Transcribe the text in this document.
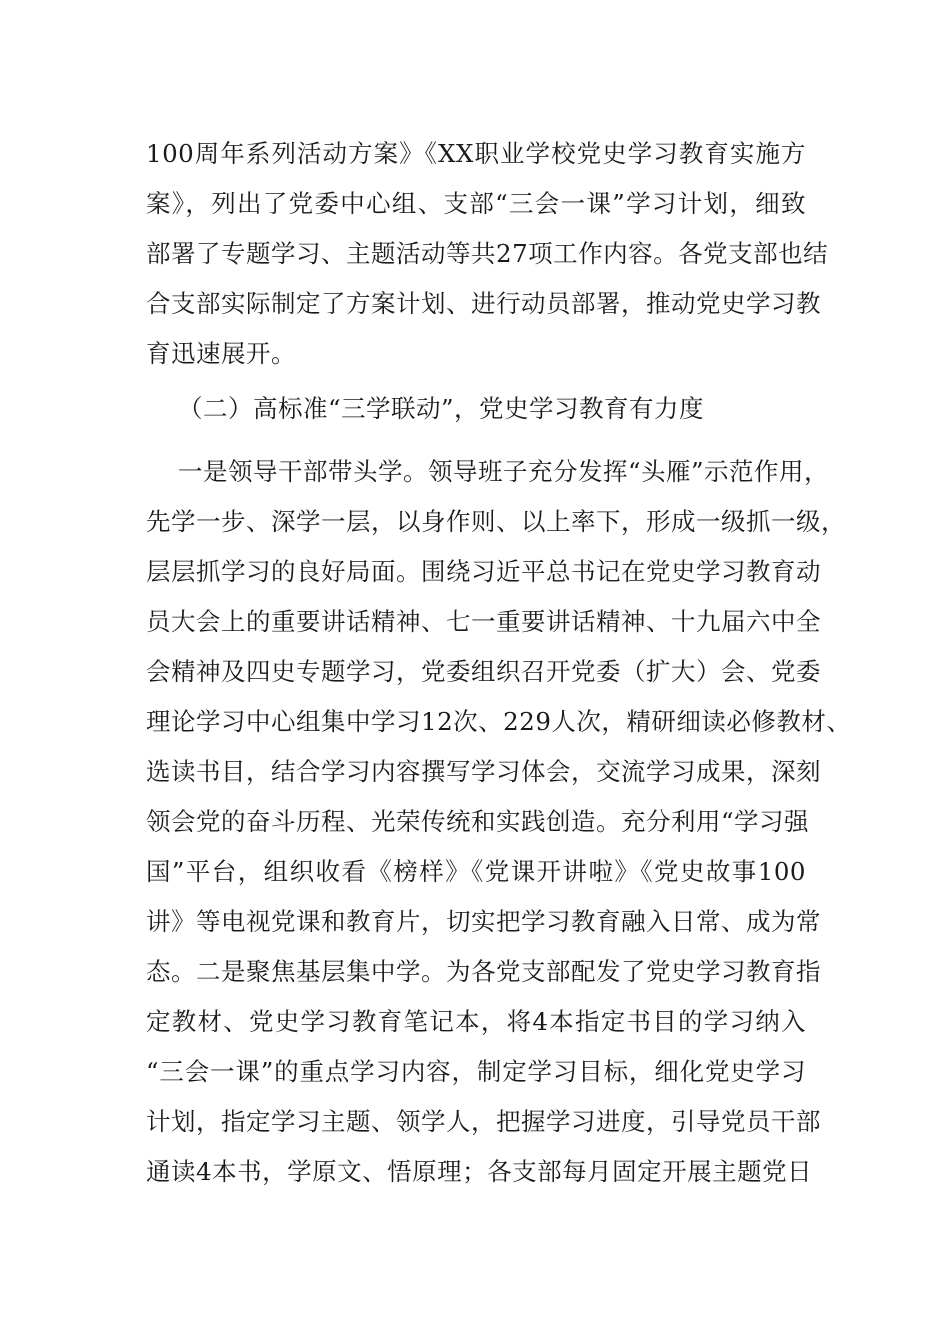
100周年系列活动方案》《XX职业学校党史学习教育实施方
案》，列出了党委中心组、支部“三会一课”学习计划，细致
部署了专题学习、主题活动等共27项工作内容。各党支部也结
合支部实际制定了方案计划、进行动员部署，推动党史学习教
育迅速展开。
（二）高标准“三学联动”，党史学习教育有力度
一是领导干部带头学。领导班子充分发挥“头雁”示范作用，
先学一步、深学一层，以身作则、以上率下，形成一级抓一级，
层层抓学习的良好局面。围绕习近平总书记在党史学习教育动
员大会上的重要讲话精神、七一重要讲话精神、十九届六中全
会精神及四史专题学习，党委组织召开党委（扩大）会、党委
理论学习中心组集中学习12次、229人次，精研细读必修教材、
选读书目，结合学习内容撰写学习体会，交流学习成果，深刻
领会党的奋斗历程、光荣传统和实践创造。充分利用“学习强
国”平台，组织收看《榜样》《党课开讲啦》《党史故事100
讲》等电视党课和教育片，切实把学习教育融入日常、成为常
态。二是聚焦基层集中学。为各党支部配发了党史学习教育指
定教材、党史学习教育笔记本，将4本指定书目的学习纳入
“三会一课”的重点学习内容，制定学习目标，细化党史学习
计划，指定学习主题、领学人，把握学习进度，引导党员干部
通读4本书，学原文、悟原理；各支部每月固定开展主题党日
